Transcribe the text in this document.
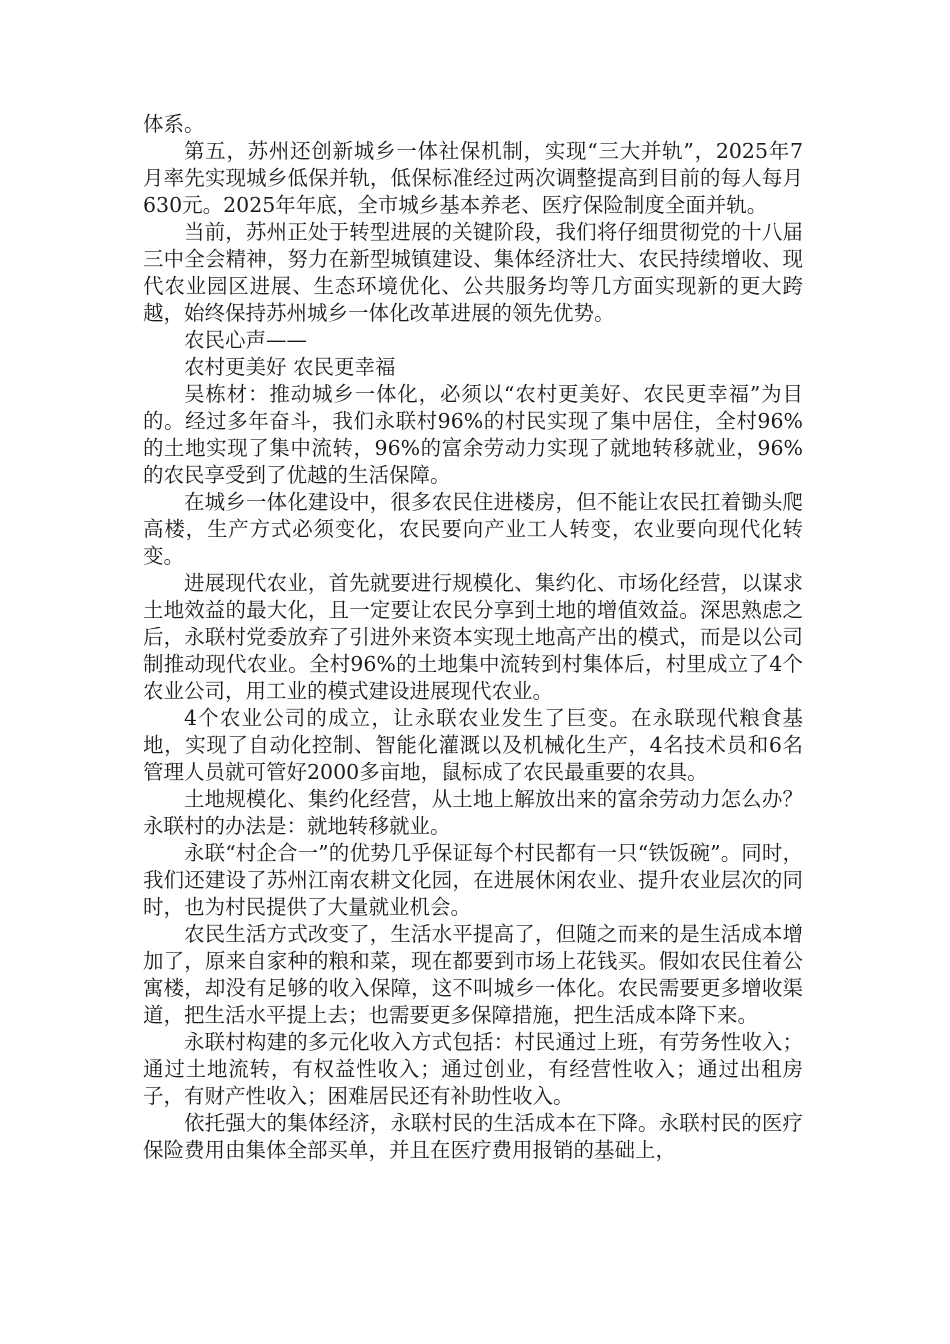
体系。

第五，苏州还创新城乡一体社保机制，实现“三大并轨”，2025年7月率先实现城乡低保并轨，低保标准经过两次调整提高到目前的每人每月630元。2025年年底，全市城乡基本养老、医疗保险制度全面并轨。

当前，苏州正处于转型进展的关键阶段，我们将仔细贯彻党的十八届三中全会精神，努力在新型城镇建设、集体经济壮大、农民持续增收、现代农业园区进展、生态环境优化、公共服务均等几方面实现新的更大跨越，始终保持苏州城乡一体化改革进展的领先优势。

农民心声——

农村更美好 农民更幸福

吴栋材：推动城乡一体化，必须以“农村更美好、农民更幸福”为目的。经过多年奋斗，我们永联村96%的村民实现了集中居住，全村96%的土地实现了集中流转，96%的富余劳动力实现了就地转移就业，96%的农民享受到了优越的生活保障。

在城乡一体化建设中，很多农民住进楼房，但不能让农民扛着锄头爬高楼，生产方式必须变化，农民要向产业工人转变，农业要向现代化转变。

进展现代农业，首先就要进行规模化、集约化、市场化经营，以谋求土地效益的最大化，且一定要让农民分享到土地的增值效益。深思熟虑之后，永联村党委放弃了引进外来资本实现土地高产出的模式，而是以公司制推动现代农业。全村96%的土地集中流转到村集体后，村里成立了4个农业公司，用工业的模式建设进展现代农业。

4个农业公司的成立，让永联农业发生了巨变。在永联现代粮食基地，实现了自动化控制、智能化灌溉以及机械化生产，4名技术员和6名管理人员就可管好2000多亩地，鼠标成了农民最重要的农具。

土地规模化、集约化经营，从土地上解放出来的富余劳动力怎么办？永联村的办法是：就地转移就业。

永联“村企合一”的优势几乎保证每个村民都有一只“铁饭碗”。同时，我们还建设了苏州江南农耕文化园，在进展休闲农业、提升农业层次的同时，也为村民提供了大量就业机会。

农民生活方式改变了，生活水平提高了，但随之而来的是生活成本增加了，原来自家种的粮和菜，现在都要到市场上花钱买。假如农民住着公寓楼，却没有足够的收入保障，这不叫城乡一体化。农民需要更多增收渠道，把生活水平提上去；也需要更多保障措施，把生活成本降下来。

永联村构建的多元化收入方式包括：村民通过上班，有劳务性收入；通过土地流转，有权益性收入；通过创业，有经营性收入；通过出租房子，有财产性收入；困难居民还有补助性收入。

依托强大的集体经济，永联村民的生活成本在下降。永联村民的医疗保险费用由集体全部买单，并且在医疗费用报销的基础上，
